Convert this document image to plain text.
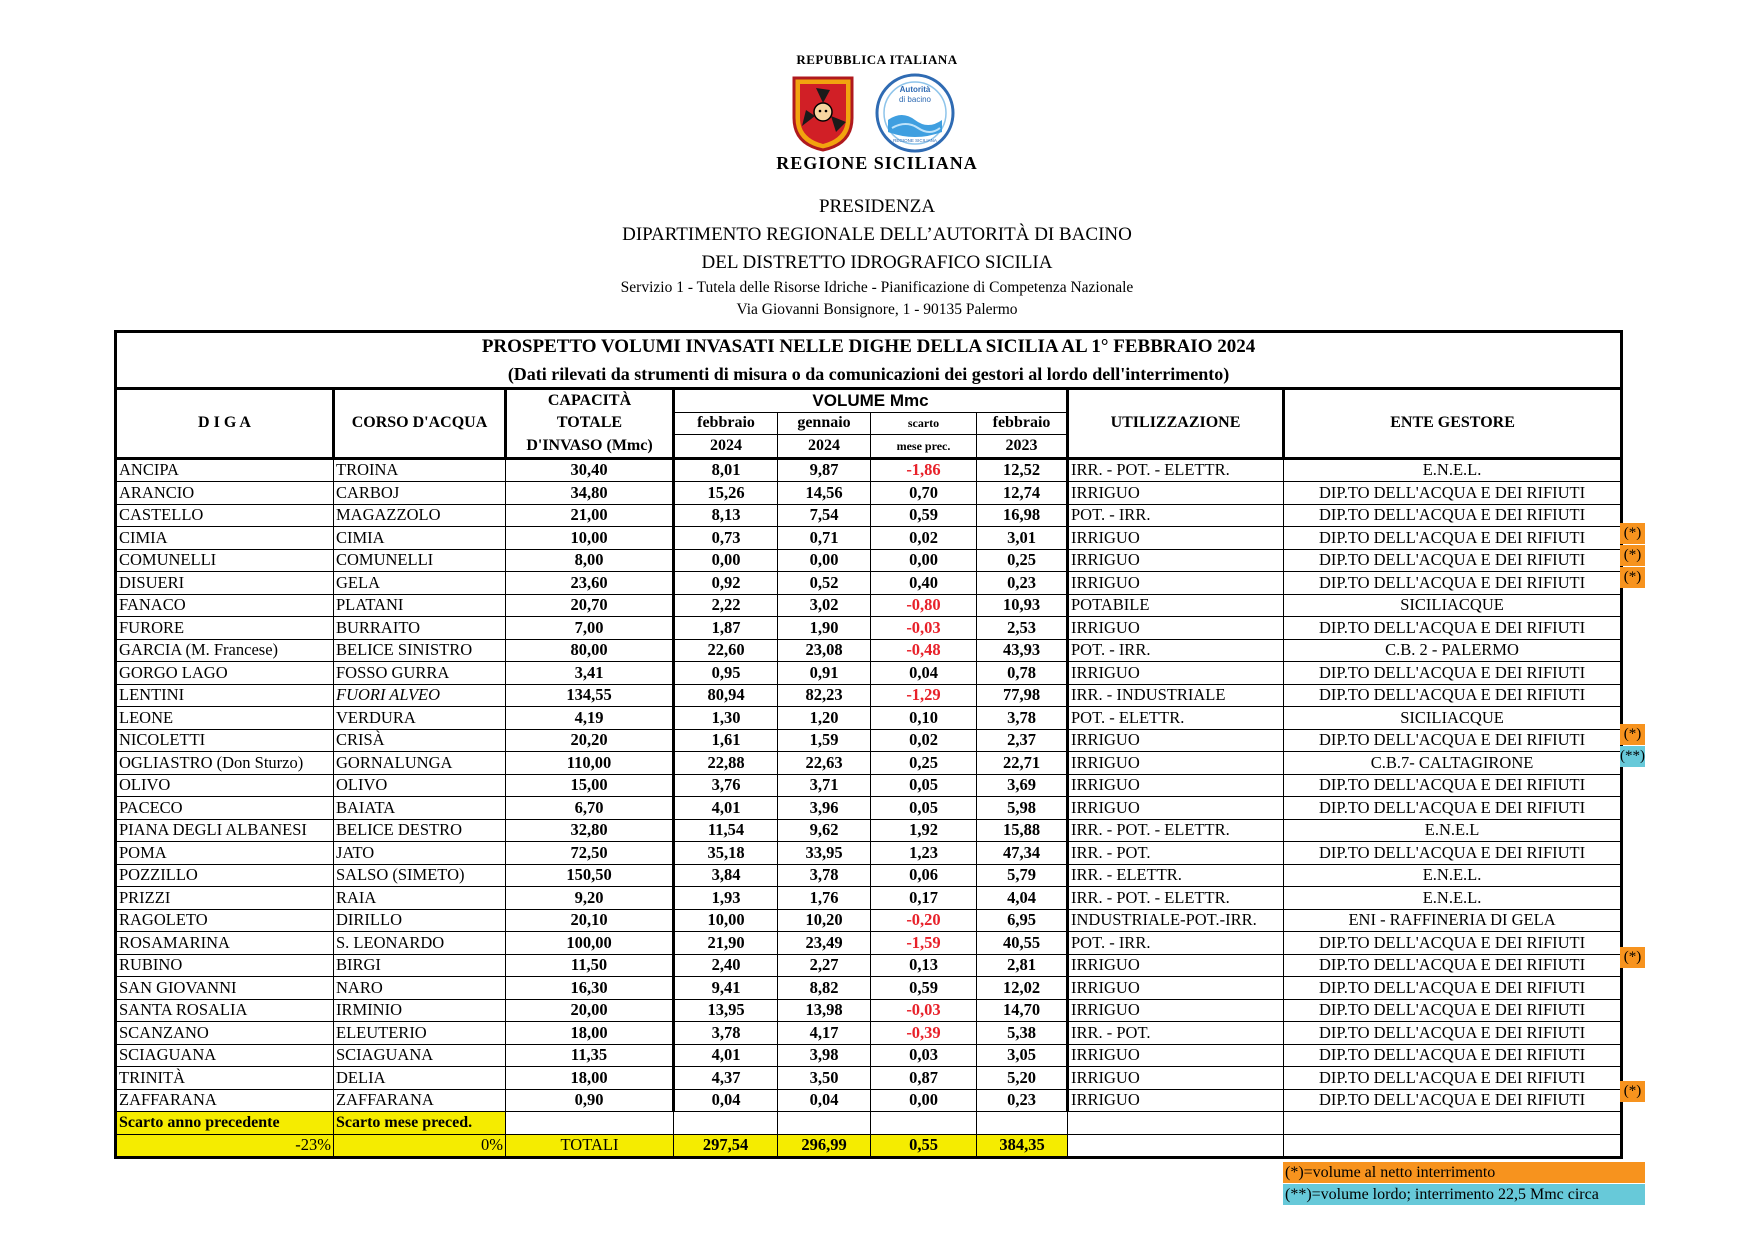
REPUBBLICA ITALIANA
Autorità
di bacino
REGIONE SICILIANA
REGIONE SICILIANA
PRESIDENZA
DIPARTIMENTO REGIONALE DELL’AUTORITÀ DI BACINO
DEL DISTRETTO IDROGRAFICO SICILIA
Servizio 1 - Tutela delle Risorse Idriche - Pianificazione di Competenza Nazionale
Via Giovanni Bonsignore, 1 - 90135 Palermo
PROSPETTO VOLUMI INVASATI NELLE DIGHE DELLA SICILIA AL 1° FEBBRAIO 2024								
(Dati rilevati da strumenti di misura o da comunicazioni dei gestori al lordo dell'interrimento)								
D I G A	CORSO D'ACQUA	CAPACITÀ	VOLUME Mmc				UTILIZZAZIONE	ENTE GESTORE
		TOTALE	febbraio	gennaio	scarto	febbraio		
		D'INVASO (Mmc)	2024	2024	mese prec.	2023		
ANCIPA	TROINA	30,40	8,01	9,87	-1,86	12,52	IRR. - POT. - ELETTR.	E.N.E.L.
ARANCIO	CARBOJ	34,80	15,26	14,56	0,70	12,74	IRRIGUO	DIP.TO DELL'ACQUA E DEI RIFIUTI
CASTELLO	MAGAZZOLO	21,00	8,13	7,54	0,59	16,98	POT. - IRR.	DIP.TO DELL'ACQUA E DEI RIFIUTI
CIMIA	CIMIA	10,00	0,73	0,71	0,02	3,01	IRRIGUO	DIP.TO DELL'ACQUA E DEI RIFIUTI
COMUNELLI	COMUNELLI	8,00	0,00	0,00	0,00	0,25	IRRIGUO	DIP.TO DELL'ACQUA E DEI RIFIUTI
DISUERI	GELA	23,60	0,92	0,52	0,40	0,23	IRRIGUO	DIP.TO DELL'ACQUA E DEI RIFIUTI
FANACO	PLATANI	20,70	2,22	3,02	-0,80	10,93	POTABILE	SICILIACQUE
FURORE	BURRAITO	7,00	1,87	1,90	-0,03	2,53	IRRIGUO	DIP.TO DELL'ACQUA E DEI RIFIUTI
GARCIA (M. Francese)	BELICE SINISTRO	80,00	22,60	23,08	-0,48	43,93	POT. - IRR.	C.B. 2 - PALERMO
GORGO LAGO	FOSSO GURRA	3,41	0,95	0,91	0,04	0,78	IRRIGUO	DIP.TO DELL'ACQUA E DEI RIFIUTI
LENTINI	FUORI ALVEO	134,55	80,94	82,23	-1,29	77,98	IRR. - INDUSTRIALE	DIP.TO DELL'ACQUA E DEI RIFIUTI
LEONE	VERDURA	4,19	1,30	1,20	0,10	3,78	POT. - ELETTR.	SICILIACQUE
NICOLETTI	CRISÀ	20,20	1,61	1,59	0,02	2,37	IRRIGUO	DIP.TO DELL'ACQUA E DEI RIFIUTI
OGLIASTRO (Don Sturzo)	GORNALUNGA	110,00	22,88	22,63	0,25	22,71	IRRIGUO	C.B.7- CALTAGIRONE
OLIVO	OLIVO	15,00	3,76	3,71	0,05	3,69	IRRIGUO	DIP.TO DELL'ACQUA E DEI RIFIUTI
PACECO	BAIATA	6,70	4,01	3,96	0,05	5,98	IRRIGUO	DIP.TO DELL'ACQUA E DEI RIFIUTI
PIANA DEGLI ALBANESI	BELICE DESTRO	32,80	11,54	9,62	1,92	15,88	IRR. - POT. - ELETTR.	E.N.E.L
POMA	JATO	72,50	35,18	33,95	1,23	47,34	IRR. - POT.	DIP.TO DELL'ACQUA E DEI RIFIUTI
POZZILLO	SALSO (SIMETO)	150,50	3,84	3,78	0,06	5,79	IRR. - ELETTR.	E.N.E.L.
PRIZZI	RAIA	9,20	1,93	1,76	0,17	4,04	IRR. - POT. - ELETTR.	E.N.E.L.
RAGOLETO	DIRILLO	20,10	10,00	10,20	-0,20	6,95	INDUSTRIALE-POT.-IRR.	ENI - RAFFINERIA DI GELA
ROSAMARINA	S. LEONARDO	100,00	21,90	23,49	-1,59	40,55	POT. - IRR.	DIP.TO DELL'ACQUA E DEI RIFIUTI
RUBINO	BIRGI	11,50	2,40	2,27	0,13	2,81	IRRIGUO	DIP.TO DELL'ACQUA E DEI RIFIUTI
SAN GIOVANNI	NARO	16,30	9,41	8,82	0,59	12,02	IRRIGUO	DIP.TO DELL'ACQUA E DEI RIFIUTI
SANTA ROSALIA	IRMINIO	20,00	13,95	13,98	-0,03	14,70	IRRIGUO	DIP.TO DELL'ACQUA E DEI RIFIUTI
SCANZANO	ELEUTERIO	18,00	3,78	4,17	-0,39	5,38	IRR. - POT.	DIP.TO DELL'ACQUA E DEI RIFIUTI
SCIAGUANA	SCIAGUANA	11,35	4,01	3,98	0,03	3,05	IRRIGUO	DIP.TO DELL'ACQUA E DEI RIFIUTI
TRINITÀ	DELIA	18,00	4,37	3,50	0,87	5,20	IRRIGUO	DIP.TO DELL'ACQUA E DEI RIFIUTI
ZAFFARANA	ZAFFARANA	0,90	0,04	0,04	0,00	0,23	IRRIGUO	DIP.TO DELL'ACQUA E DEI RIFIUTI
Scarto anno precedente	Scarto mese preced.							
-23%	0%	TOTALI	297,54	296,99	0,55	384,35		
(*)
(*)
(*)
(*)
(**)
(*)
(*)
(*)=volume al netto interrimento
(**)=volume lordo; interrimento 22,5 Mmc circa
